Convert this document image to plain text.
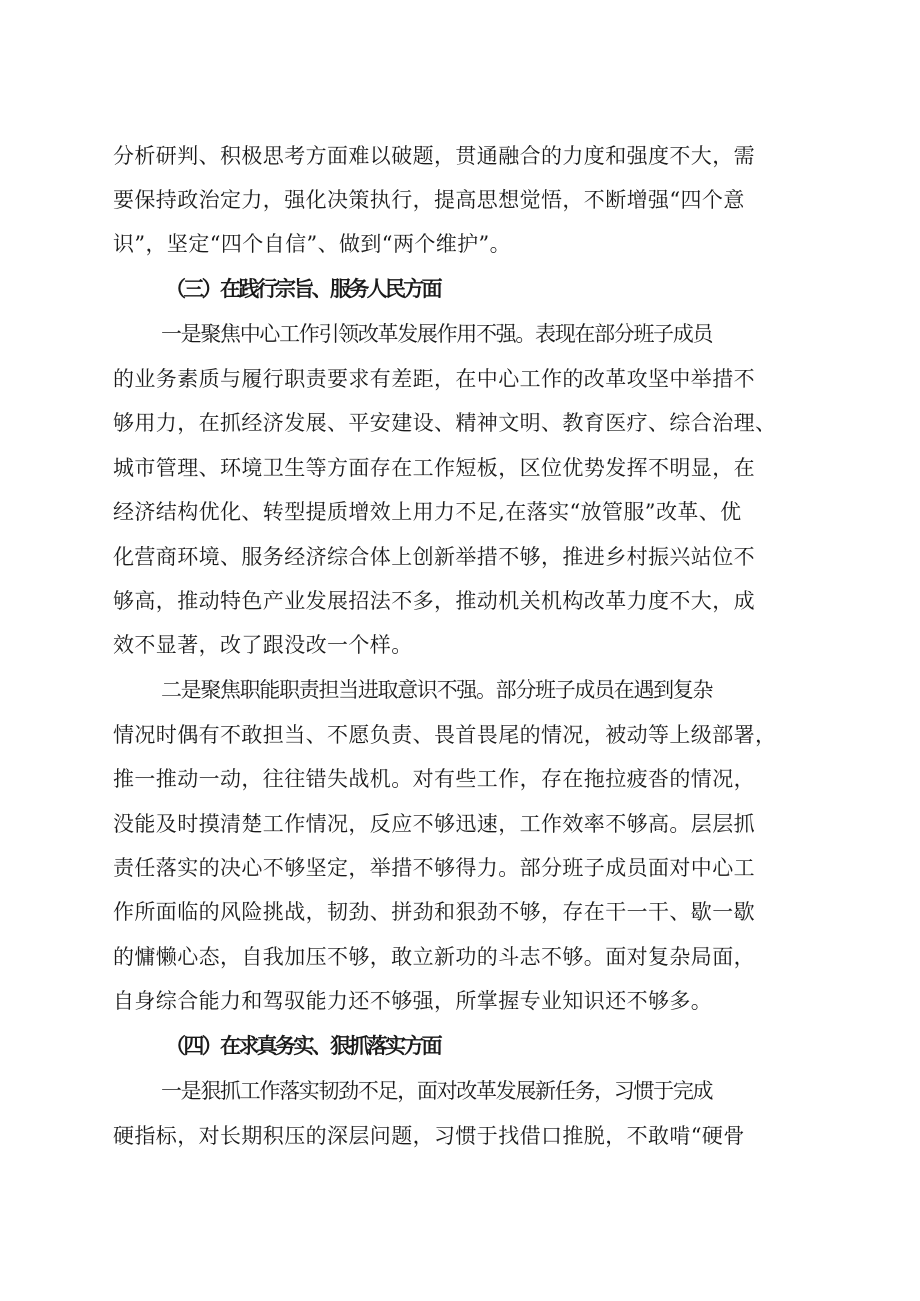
分析研判、积极思考方面难以破题，贯通融合的力度和强度不大，需
要保持政治定力，强化决策执行，提高思想觉悟，不断增强“四个意
识”，坚定“四个自信”、做到“两个维护”。
（三）在践行宗旨、服务人民方面
一是聚焦中心工作引领改革发展作用不强。表现在部分班子成员
的业务素质与履行职责要求有差距，在中心工作的改革攻坚中举措不
够用力，在抓经济发展、平安建设、精神文明、教育医疗、综合治理、
城市管理、环境卫生等方面存在工作短板，区位优势发挥不明显，在
经济结构优化、转型提质增效上用力不足,在落实“放管服”改革、优
化营商环境、服务经济综合体上创新举措不够，推进乡村振兴站位不
够高，推动特色产业发展招法不多，推动机关机构改革力度不大，成
效不显著，改了跟没改一个样。
二是聚焦职能职责担当进取意识不强。部分班子成员在遇到复杂
情况时偶有不敢担当、不愿负责、畏首畏尾的情况，被动等上级部署，
推一推动一动，往往错失战机。对有些工作，存在拖拉疲沓的情况，
没能及时摸清楚工作情况，反应不够迅速，工作效率不够高。层层抓
责任落实的决心不够坚定，举措不够得力。部分班子成员面对中心工
作所面临的风险挑战，韧劲、拼劲和狠劲不够，存在干一干、歇一歇
的慵懒心态，自我加压不够，敢立新功的斗志不够。面对复杂局面，
自身综合能力和驾驭能力还不够强，所掌握专业知识还不够多。
（四）在求真务实、狠抓落实方面
一是狠抓工作落实韧劲不足，面对改革发展新任务，习惯于完成
硬指标，对长期积压的深层问题，习惯于找借口推脱，不敢啃“硬骨
